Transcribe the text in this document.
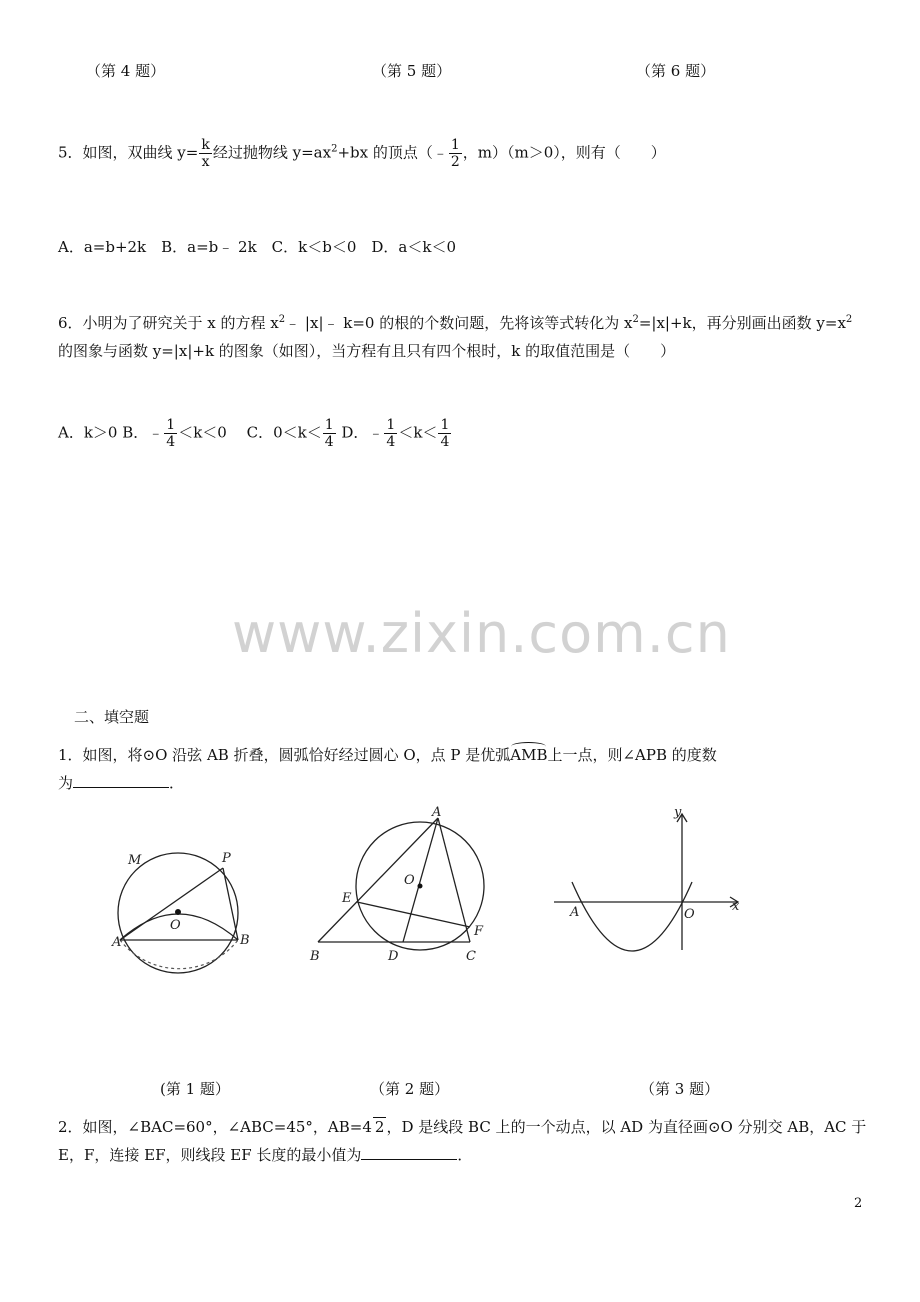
（第 4 题）	（第 5 题）	（第 6 题）
5．如图，双曲线 $y= \frac{k}{x}$ 经过抛物线 $y=ax^2+bx$ 的顶点（﹣ $\frac{1}{2}$ ，m）（m＞0），则有（　　）
A．a=b+2k　B．a=b﹣ 2k　C．k＜b＜0　D．a＜k＜0
6．小明为了研究关于 x 的方程 $x^2﹣$ |x|﹣ k=0 的根的个数问题，先将该等式转化为 $x^2=|x|+k$，再分别画出函数 $y=x^2$
的图象与函数 y=|x|+k 的图象（如图），当方程有且只有四个根时，k 的取值范围是（　　）
A．k＞0 B．﹣ $\frac{1}{4} <k<0$　 C．$0<k< \frac{1}{4}$ D．﹣ $\frac{1}{4} <k< \frac{1}{4}$
www.zixin.com.cn
二、填空题
1．如图，将⊙O 沿弦 AB 折叠，圆弧恰好经过圆心 O，点 P 是优弧AMB上一点，则∠APB 的度数
为	．
M	P
O
A	B
A
O
E
F
B	D	C
y
A	O
x
(第 1 题）	（第 2 题）	（第 3 题）
2．如图，∠BAC=60°，∠ABC=45°，AB=4 2 ，D 是线段 BC 上的一个动点，以 AD 为直径画⊙O 分别交 AB，AC 于
E，F，连接 EF，则线段 EF 长度的最小值为	．
2
